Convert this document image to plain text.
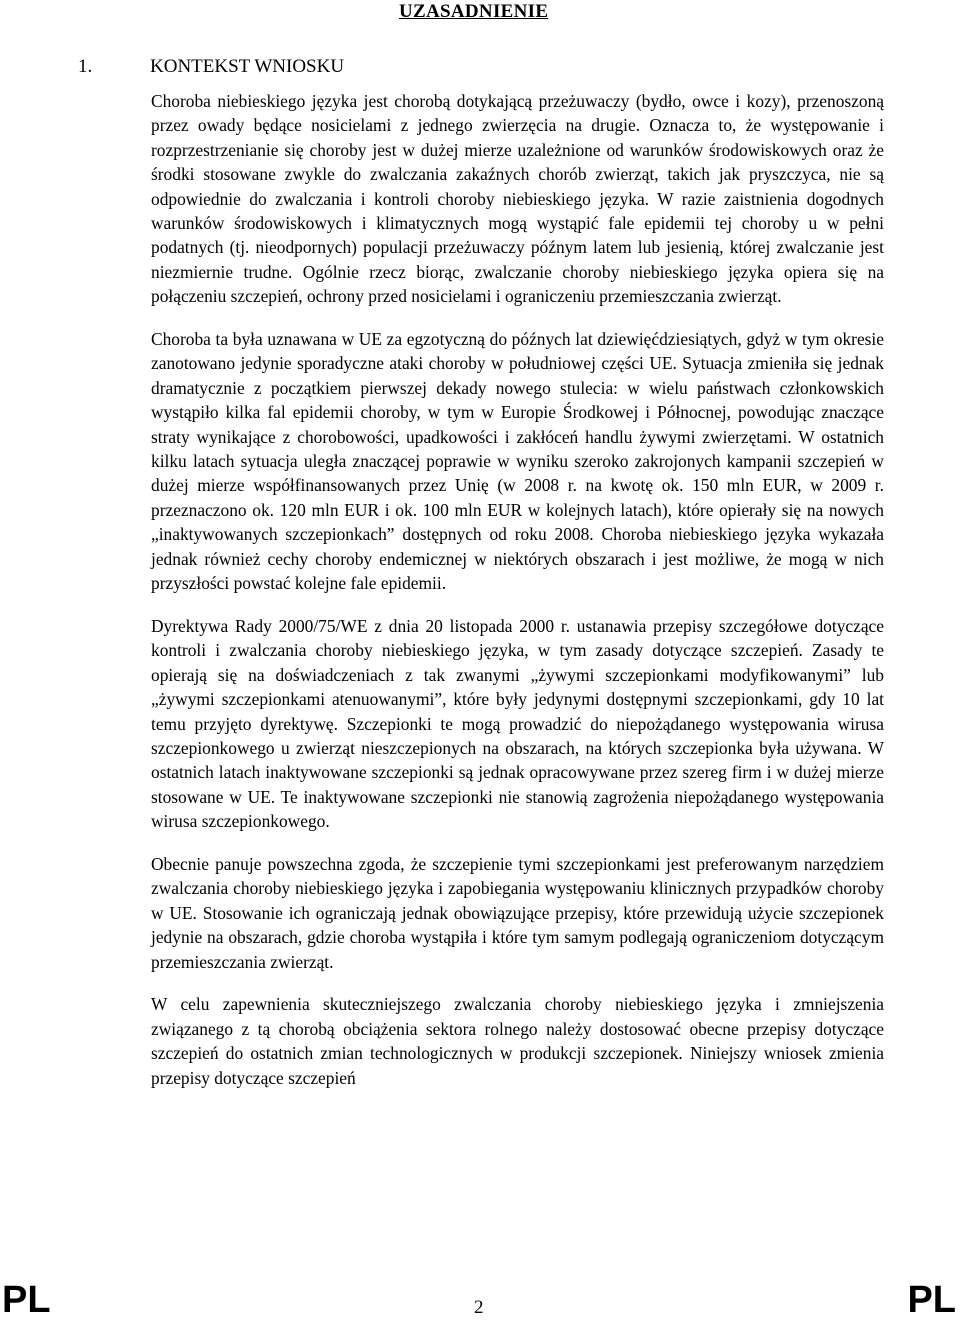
UZASADNIENIE
1.	KONTEKST WNIOSKU

Choroba niebieskiego języka jest chorobą dotykającą przeżuwaczy (bydło, owce i kozy), przenoszoną przez owady będące nosicielami z jednego zwierzęcia na drugie. Oznacza to, że występowanie i rozprzestrzenianie się choroby jest w dużej mierze uzależnione od warunków środowiskowych oraz że środki stosowane zwykle do zwalczania zakaźnych chorób zwierząt, takich jak pryszczyca, nie są odpowiednie do zwalczania i kontroli choroby niebieskiego języka. W razie zaistnienia dogodnych warunków środowiskowych i klimatycznych mogą wystąpić fale epidemii tej choroby u w pełni podatnych (tj. nieodpornych) populacji przeżuwaczy późnym latem lub jesienią, której zwalczanie jest niezmiernie trudne. Ogólnie rzecz biorąc, zwalczanie choroby niebieskiego języka opiera się na połączeniu szczepień, ochrony przed nosicielami i ograniczeniu przemieszczania zwierząt.

Choroba ta była uznawana w UE za egzotyczną do późnych lat dziewięćdziesiątych, gdyż w tym okresie zanotowano jedynie sporadyczne ataki choroby w południowej części UE. Sytuacja zmieniła się jednak dramatycznie z początkiem pierwszej dekady nowego stulecia: w wielu państwach członkowskich wystąpiło kilka fal epidemii choroby, w tym w Europie Środkowej i Północnej, powodując znaczące straty wynikające z chorobowości, upadkowości i zakłóceń handlu żywymi zwierzętami. W ostatnich kilku latach sytuacja uległa znaczącej poprawie w wyniku szeroko zakrojonych kampanii szczepień w dużej mierze współfinansowanych przez Unię (w 2008 r. na kwotę ok. 150 mln EUR, w 2009 r. przeznaczono ok. 120 mln EUR i ok. 100 mln EUR w kolejnych latach), które opierały się na nowych „inaktywowanych szczepionkach” dostępnych od roku 2008. Choroba niebieskiego języka wykazała jednak również cechy choroby endemicznej w niektórych obszarach i jest możliwe, że mogą w nich przyszłości powstać kolejne fale epidemii.

Dyrektywa Rady 2000/75/WE z dnia 20 listopada 2000 r. ustanawia przepisy szczegółowe dotyczące kontroli i zwalczania choroby niebieskiego języka, w tym zasady dotyczące szczepień. Zasady te opierają się na doświadczeniach z tak zwanymi „żywymi szczepionkami modyfikowanymi” lub „żywymi szczepionkami atenuowanymi”, które były jedynymi dostępnymi szczepionkami, gdy 10 lat temu przyjęto dyrektywę. Szczepionki te mogą prowadzić do niepożądanego występowania wirusa szczepionkowego u zwierząt nieszczepionych na obszarach, na których szczepionka była używana. W ostatnich latach inaktywowane szczepionki są jednak opracowywane przez szereg firm i w dużej mierze stosowane w UE. Te inaktywowane szczepionki nie stanowią zagrożenia niepożądanego występowania wirusa szczepionkowego.

Obecnie panuje powszechna zgoda, że szczepienie tymi szczepionkami jest preferowanym narzędziem zwalczania choroby niebieskiego języka i zapobiegania występowaniu klinicznych przypadków choroby w UE. Stosowanie ich ograniczają jednak obowiązujące przepisy, które przewidują użycie szczepionek jedynie na obszarach, gdzie choroba wystąpiła i które tym samym podlegają ograniczeniom dotyczącym przemieszczania zwierząt.

W celu zapewnienia skuteczniejszego zwalczania choroby niebieskiego języka i zmniejszenia związanego z tą chorobą obciążenia sektora rolnego należy dostosować obecne przepisy dotyczące szczepień do ostatnich zmian technologicznych w produkcji szczepionek. Niniejszy wniosek zmienia przepisy dotyczące szczepień

PL	2	PL
